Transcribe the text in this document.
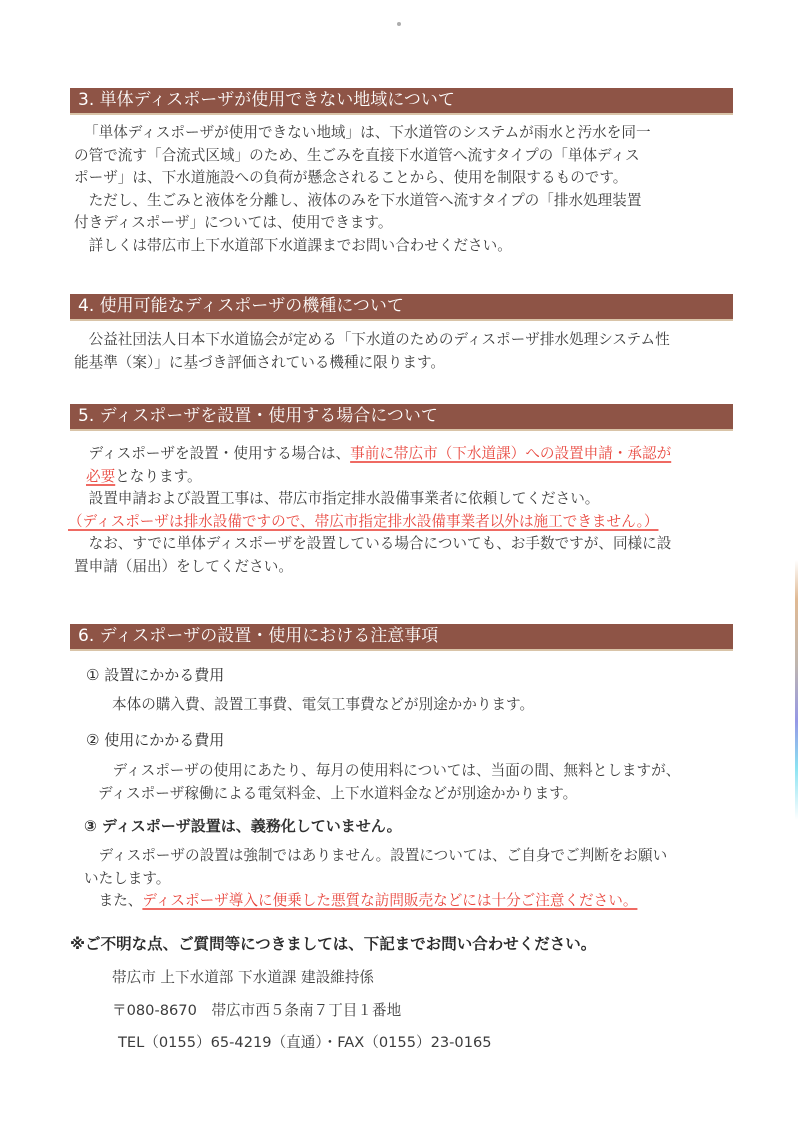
3. 単体ディスポーザが使用できない地域について
「単体ディスポーザが使用できない地域」は、下水道管のシステムが雨水と汚水を同一
の管で流す「合流式区域」のため、生ごみを直接下水道管へ流すタイプの「単体ディス
ポーザ」は、下水道施設への負荷が懸念されることから、使用を制限するものです。
　ただし、生ごみと液体を分離し、液体のみを下水道管へ流すタイプの「排水処理装置
付きディスポーザ」については、使用できます。
　詳しくは帯広市上下水道部下水道課までお問い合わせください。
4. 使用可能なディスポーザの機種について
　公益社団法人日本下水道協会が定める「下水道のためのディスポーザ排水処理システム性
能基準（案）」に基づき評価されている機種に限ります。
5. ディスポーザを設置・使用する場合について
　ディスポーザを設置・使用する場合は、事前に帯広市（下水道課）への設置申請・承認が
必要となります。
　設置申請および設置工事は、帯広市指定排水設備事業者に依頼してください。
（ディスポーザは排水設備ですので、帯広市指定排水設備事業者以外は施工できません。）
　なお、すでに単体ディスポーザを設置している場合についても、お手数ですが、同様に設
置申請（届出）をしてください。
6. ディスポーザの設置・使用における注意事項
① 設置にかかる費用
本体の購入費、設置工事費、電気工事費などが別途かかります。
② 使用にかかる費用
　ディスポーザの使用にあたり、毎月の使用料については、当面の間、無料としますが、
ディスポーザ稼働による電気料金、上下水道料金などが別途かかります。
③ ディスポーザ設置は、義務化していません。
　ディスポーザの設置は強制ではありません。設置については、ご自身でご判断をお願い
いたします。
　また、ディスポーザ導入に便乗した悪質な訪問販売などには十分ご注意ください。
※ご不明な点、ご質問等につきましては、下記までお問い合わせください。
帯広市 上下水道部 下水道課 建設維持係
〒080-8670　帯広市西５条南７丁目１番地
TEL（0155）65-4219（直通）・FAX（0155）23-0165
